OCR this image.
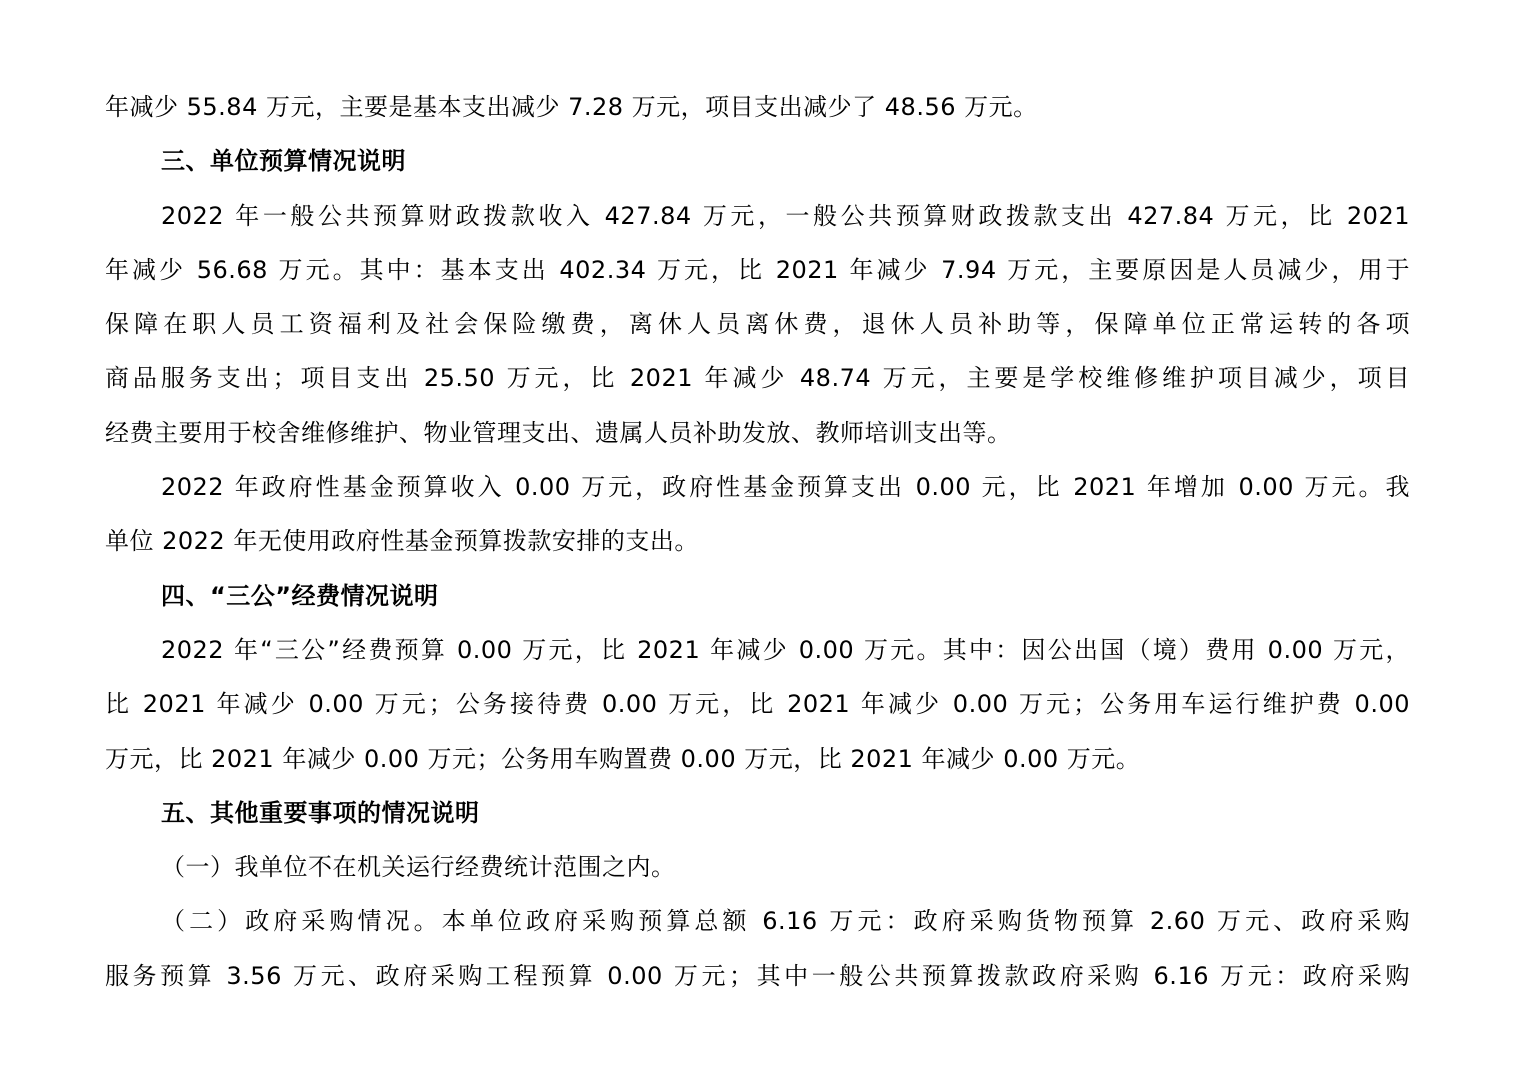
年减少 55.84 万元，主要是基本支出减少 7.28 万元，项目支出减少了 48.56 万元。
三、单位预算情况说明
2022 年一般公共预算财政拨款收入 427.84 万元，一般公共预算财政拨款支出 427.84 万元，比 2021
年减少 56.68 万元。其中：基本支出 402.34 万元，比 2021 年减少 7.94 万元，主要原因是人员减少，用于
保障在职人员工资福利及社会保险缴费，离休人员离休费，退休人员补助等，保障单位正常运转的各项
商品服务支出；项目支出 25.50 万元，比 2021 年减少 48.74 万元，主要是学校维修维护项目减少，项目
经费主要用于校舍维修维护、物业管理支出、遗属人员补助发放、教师培训支出等。
2022 年政府性基金预算收入 0.00 万元，政府性基金预算支出 0.00 元，比 2021 年增加 0.00 万元。我
单位 2022 年无使用政府性基金预算拨款安排的支出。
四、“三公”经费情况说明
2022 年“三公”经费预算 0.00 万元，比 2021 年减少 0.00 万元。其中：因公出国（境）费用 0.00 万元，
比 2021 年减少 0.00 万元；公务接待费 0.00 万元，比 2021 年减少 0.00 万元；公务用车运行维护费 0.00
万元，比 2021 年减少 0.00 万元；公务用车购置费 0.00 万元，比 2021 年减少 0.00 万元。
五、其他重要事项的情况说明
（一）我单位不在机关运行经费统计范围之内。
（二）政府采购情况。本单位政府采购预算总额 6.16 万元：政府采购货物预算 2.60 万元、政府采购
服务预算 3.56 万元、政府采购工程预算 0.00 万元；其中一般公共预算拨款政府采购 6.16 万元：政府采购
